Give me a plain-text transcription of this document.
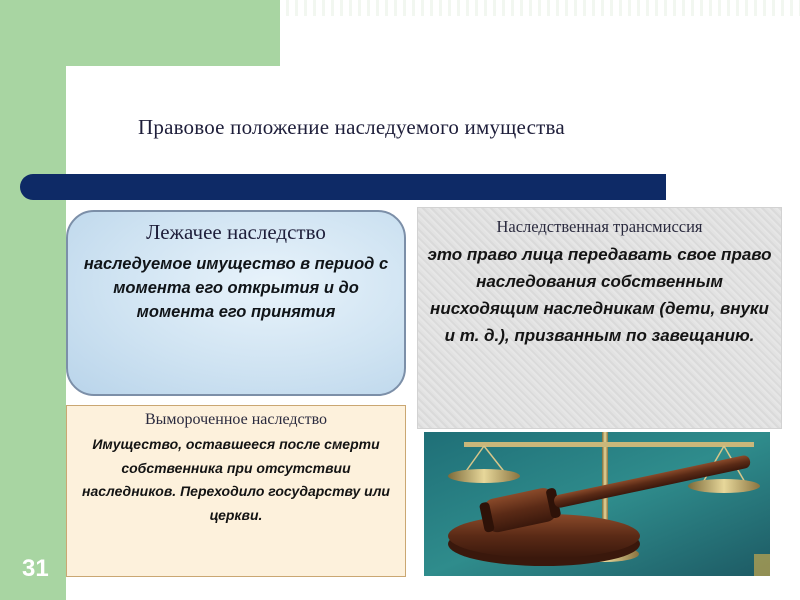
Правовое положение наследуемого имущества
Лежачее наследство
наследуемое имущество в период с момента его открытия и до момента его принятия
Наследственная трансмиссия
это право лица передавать свое право наследования собственным нисходящим наследникам (дети, внуки и т. д.), призванным по завещанию.
Вымороченное наследство
Имущество, оставшееся после смерти собственника при отсутствии наследников. Переходило государству или церкви.
31
